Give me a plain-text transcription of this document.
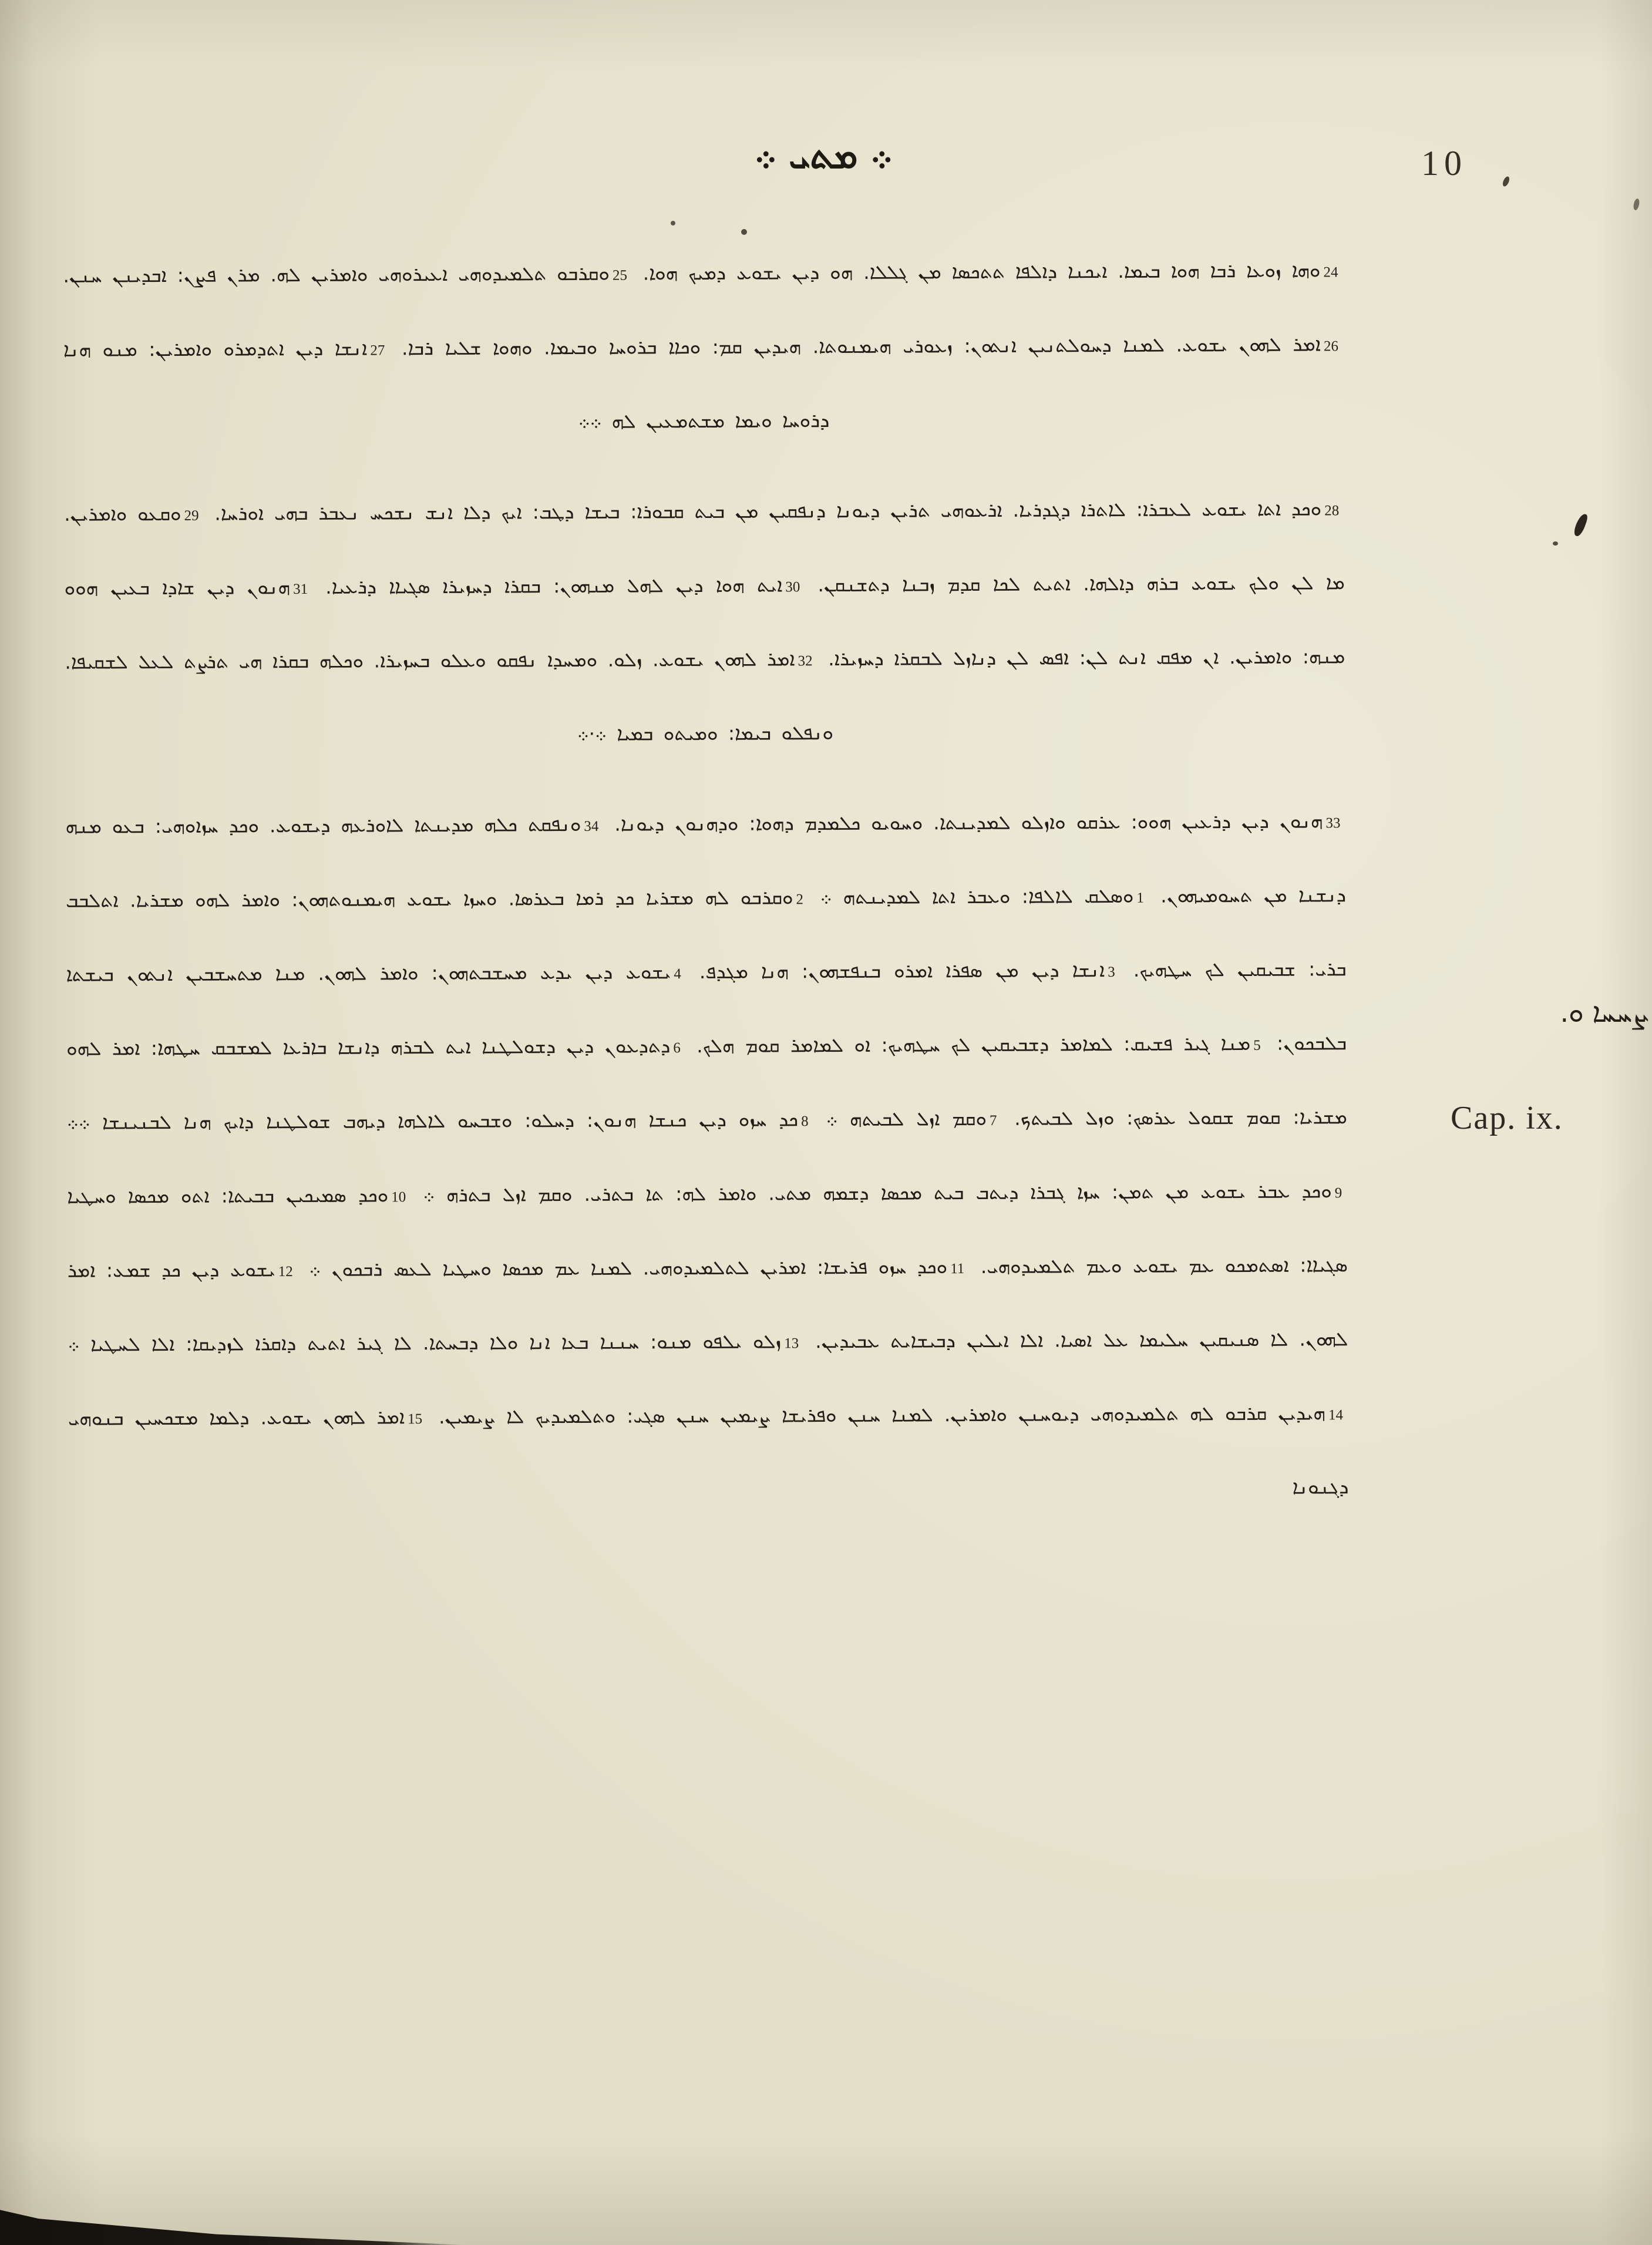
܀ ܡܬܝ ܀	10

$^{24}$ܘܗܐ ܙܘܥܐ ܪܒܐ ܗܘܐ ܒܝܡܐ. ܐܝܟܢܐ ܕܐܠܦܐ ܬܬܟܣܐ ܡܢ ܓܠܠܐ. ܗܘ ܕܝܢ ܝܫܘܥ ܕܡܝܟ ܗܘܐ. $^{25}$ܘܩܪܒܘ ܬܠܡܝܕܘܗܝ ܐܥܝܪܘܗܝ ܘܐܡܪܝܢ ܠܗ. ܡܪܢ ܦܨܢ: ܐܒܕܝܢܢ ܚܢܢ. $^{26}$ܐܡܪ ܠܗܘܢ ܝܫܘܥ. ܠܡܢܐ ܕܚܘܠܬܢܝܢ ܐܢܬܘܢ: ܙܥܘܪܝ ܗܝܡܢܘܬܐ. ܗܝܕܝܢ ܩܡ: ܘܟܐܐ ܒܪܘܚܐ ܘܒܝܡܐ. ܘܗܘܐ ܫܠܝܐ ܪܒܐ. $^{27}$ܐܢܫܐ ܕܝܢ ܐܬܕܡܪܘ ܘܐܡܪܝܢ: ܡܢܘ ܗܢܐ ܕܪܘܚܐ ܘܝܡܐ ܡܫܬܡܥܝܢ ܠܗ ܀܀

$^{28}$ܘܟܕ ܐܬܐ ܝܫܘܥ ܠܥܒܪܐ: ܠܐܬܪܐ ܕܓܕܪܝܐ. ܐܪܥܘܗܝ ܬܪܝܢ ܕܝܘܢܐ ܕܢܦܩܝܢ ܡܢ ܒܝܬ ܩܒܘܪܐ: ܒܝܫܐ ܕܛܒ: ܐܝܟ ܕܠܐ ܐܢܫ ܢܫܟܚ ܢܥܒܪ ܒܗܝ ܐܘܪܚܐ. $^{29}$ܘܩܥܘ ܘܐܡܪܝܢ. ܡܐ ܠܢ ܘܠܟ ܝܫܘܥ ܒܪܗ ܕܐܠܗܐ. ܐܬܝܬ ܠܟܐ ܩܕܡ ܙܒܢܐ ܕܬܫܢܩܢ. $^{30}$ܐܝܬ ܗܘܐ ܕܝܢ ܠܗܠ ܡܢܗܘܢ: ܒܩܪܐ ܕܚܙܝܪܐ ܣܓܝܐܐ ܕܪܥܝܐ. $^{31}$ܗܢܘܢ ܕܝܢ ܫܐܕܐ ܒܥܝܢ ܗܘܘ ܡܢܗ: ܘܐܡܪܝܢ. ܐܢ ܡܦܩ ܐܢܬ ܠܢ: ܐܦܣ ܠܢ ܕܢܐܙܠ ܠܒܩܪܐ ܕܚܙܝܪܐ. $^{32}$ܐܡܪ ܠܗܘܢ ܝܫܘܥ. ܙܠܘ. ܘܡܚܕܐ ܢܦܩܘ ܘܥܠܘ ܒܚܙܝܪܐ. ܘܟܠܗ ܒܩܪܐ ܗܝ ܬܪܨܬ ܠܥܠ ܠܫܩܝܦܐ. ܘܢܦܠܘ ܒܝܡܐ: ܘܡܝܬܘ ܒܡܝܐ ܀·܀

$^{33}$ܗܢܘܢ ܕܝܢ ܕܪܥܝܢ ܗܘܘ: ܥܪܩܘ ܘܐܙܠܘ ܠܡܕܝܢܬܐ. ܘܚܘܝܘ ܟܠܡܕܡ ܕܗܘܐ: ܘܕܗܢܘܢ ܕܝܘܢܐ. $^{34}$ܘܢܦܩܬ ܟܠܗ ܡܕܝܢܬܐ ܠܐܘܪܥܗ ܕܝܫܘܥ. ܘܟܕ ܚܙܐܘܗܝ: ܒܥܘ ܡܢܗ ܕܢܫܢܐ ܡܢ ܬܚܘܡܝܗܘܢ. $^1$ܘܣܠܩ ܠܐܠܦܐ: ܘܥܒܪ ܐܬܐ ܠܡܕܝܢܬܗ ܀ $^2$ܘܩܪܒܘ ܠܗ ܡܫܪܝܐ ܟܕ ܪܡܐ ܒܥܪܣܐ. ܘܚܙܐ ܝܫܘܥ ܗܝܡܢܘܬܗܘܢ: ܘܐܡܪ ܠܗܘ ܡܫܪܝܐ. ܐܬܠܒܒ ܒܪܝ: ܫܒܝܩܝܢ ܠܟ ܚܛܗܝܟ. $^3$ܐܢܫܐ ܕܝܢ ܡܢ ܣܦܪܐ ܐܡܪܘ ܒܢܦܫܗܘܢ: ܗܢܐ ܡܓܕܦ. $^4$ܝܫܘܥ ܕܝܢ ܝܕܥ ܡܚܫܒܬܗܘܢ: ܘܐܡܪ ܠܗܘܢ. ܡܢܐ ܡܬܚܫܒܝܢ ܐܢܬܘܢ ܒܝܫܬܐ ܒܠܒܟܘܢ: $^5$ܡܢܐ ܓܝܪ ܦܫܝܩ: ܠܡܐܡܪ ܕܫܒܝܩܝܢ ܠܟ ܚܛܗܝܟ: ܐܘ ܠܡܐܡܪ ܩܘܡ ܗܠܟ. $^6$ܕܬܕܥܘܢ ܕܝܢ ܕܫܘܠܛܢܐ ܐܝܬ ܠܒܪܗ ܕܐܢܫܐ ܒܐܪܥܐ ܠܡܫܒܩ ܚܛܗܐ: ܐܡܪ ܠܗܘ ܡܫܪܝܐ: ܩܘܡ ܫܩܘܠ ܥܪܣܟ: ܘܙܠ ܠܒܝܬܟ. $^7$ܘܩܡ ܐܙܠ ܠܒܝܬܗ ܀ $^8$ܟܕ ܚܙܘ ܕܝܢ ܟܢܫܐ ܗܢܘܢ: ܕܚܠܘ: ܘܫܒܚܘ ܠܐܠܗܐ ܕܝܗܒ ܫܘܠܛܢܐ ܕܐܝܟ ܗܢܐ ܠܒܢܝܢܫܐ ܀܀ $^9$ܘܟܕ ܥܒܪ ܝܫܘܥ ܡܢ ܬܡܢ: ܚܙܐ ܓܒܪܐ ܕܝܬܒ ܒܝܬ ܡܟܣܐ ܕܫܡܗ ܡܬܝ. ܘܐܡܪ ܠܗ: ܬܐ ܒܬܪܝ. ܘܩܡ ܐܙܠ ܒܬܪܗ ܀ $^{10}$ܘܟܕ ܣܡܝܟܝܢ ܒܒܝܬܐ: ܐܬܘ ܡܟܣܐ ܘܚܛܝܐ ܣܓܝܐܐ: ܐܣܬܡܟܘ ܥܡ ܝܫܘܥ ܘܥܡ ܬܠܡܝܕܘܗܝ. $^{11}$ܘܟܕ ܚܙܘ ܦܪܝܫܐ: ܐܡܪܝܢ ܠܬܠܡܝܕܘܗܝ. ܠܡܢܐ ܥܡ ܡܟܣܐ ܘܚܛܝܐ ܠܥܣ ܪܒܟܘܢ ܀ $^{12}$ܝܫܘܥ ܕܝܢ ܟܕ ܫܡܥ: ܐܡܪ ܠܗܘܢ. ܠܐ ܣܢܝܩܝܢ ܚܠܝܡܐ ܥܠ ܐܣܝܐ. ܐܠܐ ܐܝܠܝܢ ܕܒܝܫܐܝܬ ܥܒܝܕܝܢ. $^{13}$ܙܠܘ ܝܠܦܘ ܡܢܘ: ܚܢܢܐ ܒܥܐ ܐܢܐ ܘܠܐ ܕܒܚܬܐ. ܠܐ ܓܝܪ ܐܬܝܬ ܕܐܩܪܐ ܠܙܕܝܩܐ: ܐܠܐ ܠܚܛܝܐ ܀ $^{14}$ܗܝܕܝܢ ܩܪܒܘ ܠܗ ܬܠܡܝܕܘܗܝ ܕܝܘܚܢܢ ܘܐܡܪܝܢ. ܠܡܢܐ ܚܢܢ ܘܦܪܝܫܐ ܨܝܡܝܢ ܚܢܢ ܣܓܝ: ܘܬܠܡܝܕܝܟ ܠܐ ܨܝܡܝܢ. $^{15}$ܐܡܪ ܠܗܘܢ ܝܫܘܥ. ܕܠܡܐ ܡܫܟܚܝܢ ܒܢܘܗܝ ܕܓܢܘܢܐ

ܨܚܚܐ ܘ.
Cap. ix.
